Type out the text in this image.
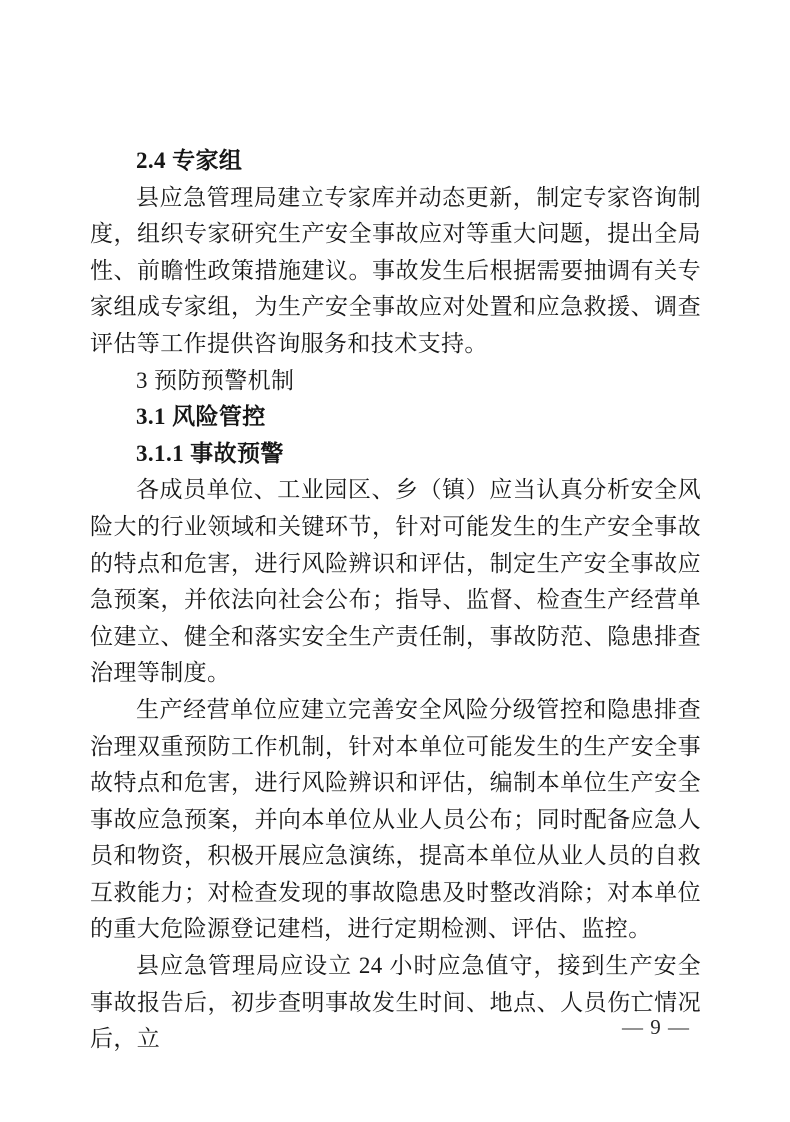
2.4 专家组

县应急管理局建立专家库并动态更新，制定专家咨询制度，组织专家研究生产安全事故应对等重大问题，提出全局性、前瞻性政策措施建议。事故发生后根据需要抽调有关专家组成专家组，为生产安全事故应对处置和应急救援、调查评估等工作提供咨询服务和技术支持。

3 预防预警机制
3.1 风险管控
3.1.1 事故预警

各成员单位、工业园区、乡（镇）应当认真分析安全风险大的行业领域和关键环节，针对可能发生的生产安全事故的特点和危害，进行风险辨识和评估，制定生产安全事故应急预案，并依法向社会公布；指导、监督、检查生产经营单位建立、健全和落实安全生产责任制，事故防范、隐患排查治理等制度。

生产经营单位应建立完善安全风险分级管控和隐患排查治理双重预防工作机制，针对本单位可能发生的生产安全事故特点和危害，进行风险辨识和评估，编制本单位生产安全事故应急预案，并向本单位从业人员公布；同时配备应急人员和物资，积极开展应急演练，提高本单位从业人员的自救互救能力；对检查发现的事故隐患及时整改消除；对本单位的重大危险源登记建档，进行定期检测、评估、监控。

县应急管理局应设立 24 小时应急值守，接到生产安全事故报告后，初步查明事故发生时间、地点、人员伤亡情况后，立	— 9 —
